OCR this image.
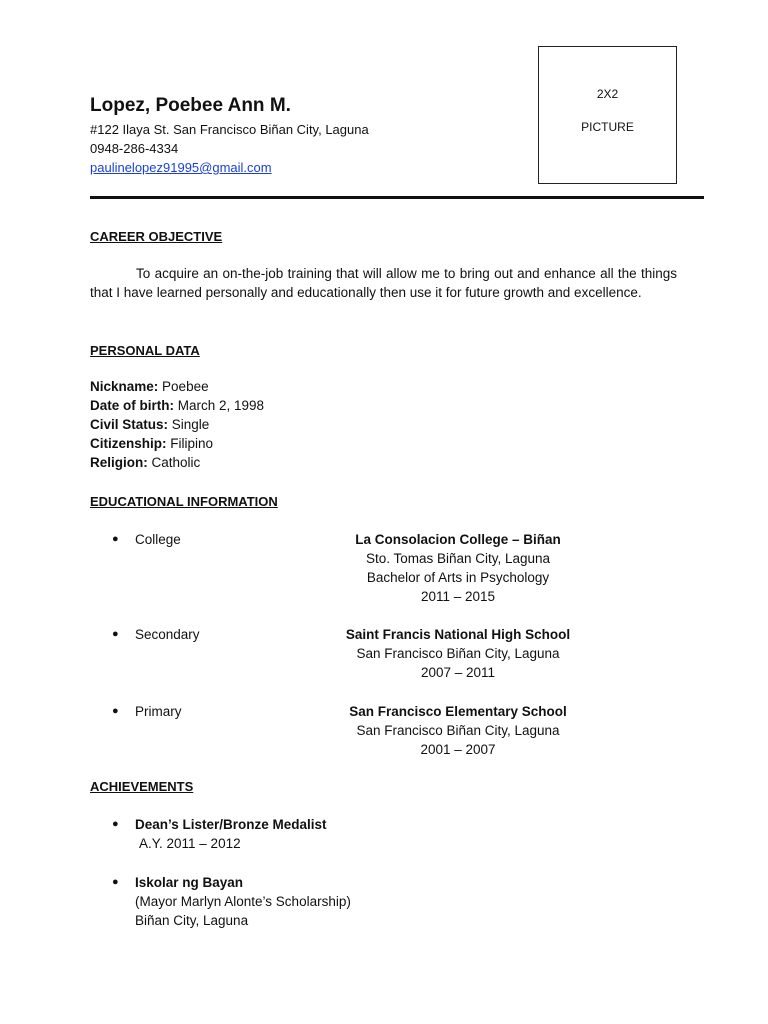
Lopez, Poebee Ann M.
#122 Ilaya St. San Francisco Biñan City, Laguna
0948-286-4334
paulinelopez91995@gmail.com
2X2
PICTURE
CAREER OBJECTIVE
To acquire an on-the-job training that will allow me to bring out and enhance all the things that I have learned personally and educationally then use it for future growth and excellence.
PERSONAL DATA
Nickname: Poebee
Date of birth: March 2, 1998
Civil Status: Single
Citizenship: Filipino
Religion: Catholic
EDUCATIONAL INFORMATION
● College	La Consolacion College – Biñan
Sto. Tomas Biñan City, Laguna
Bachelor of Arts in Psychology
2011 – 2015
● Secondary	Saint Francis National High School
San Francisco Biñan City, Laguna
2007 – 2011
● Primary	San Francisco Elementary School
San Francisco Biñan City, Laguna
2001 – 2007
ACHIEVEMENTS
● Dean’s Lister/Bronze Medalist
A.Y. 2011 – 2012
● Iskolar ng Bayan
(Mayor Marlyn Alonte’s Scholarship)
Biñan City, Laguna
